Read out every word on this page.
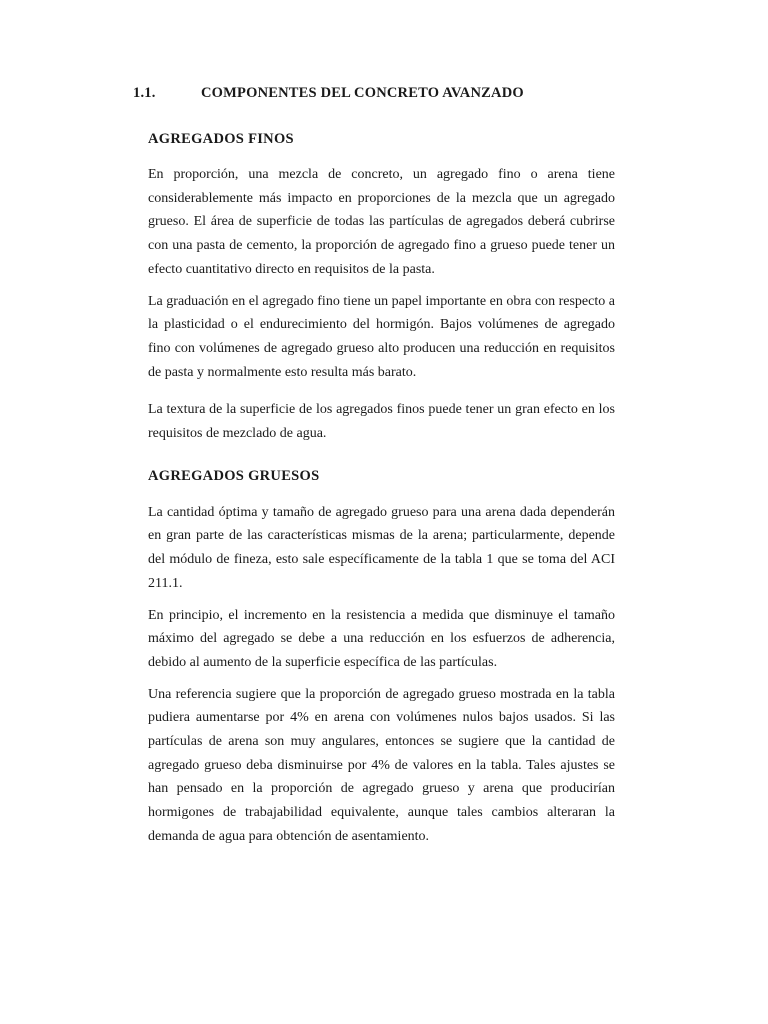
1.1.	COMPONENTES DEL CONCRETO AVANZADO
AGREGADOS FINOS

En proporción, una mezcla de concreto, un agregado fino o arena tiene considerablemente más impacto en proporciones de la mezcla que un agregado grueso. El área de superficie de todas las partículas de agregados deberá cubrirse con una pasta de cemento, la proporción de agregado fino a grueso puede tener un efecto cuantitativo directo en requisitos de la pasta.

La graduación en el agregado fino tiene un papel importante en obra con respecto a la plasticidad o el endurecimiento del hormigón. Bajos volúmenes de agregado fino con volúmenes de agregado grueso alto producen una reducción en requisitos de pasta y normalmente esto resulta más barato.

La textura de la superficie de los agregados finos puede tener un gran efecto en los requisitos de mezclado de agua.

AGREGADOS GRUESOS

La cantidad óptima y tamaño de agregado grueso para una arena dada dependerán en gran parte de las características mismas de la arena; particularmente, depende del módulo de fineza, esto sale específicamente de la tabla 1 que se toma del ACI 211.1.

En principio, el incremento en la resistencia a medida que disminuye el tamaño máximo del agregado se debe a una reducción en los esfuerzos de adherencia, debido al aumento de la superficie específica de las partículas.

Una referencia sugiere que la proporción de agregado grueso mostrada en la tabla pudiera aumentarse por 4% en arena con volúmenes nulos bajos usados. Si las partículas de arena son muy angulares, entonces se sugiere que la cantidad de agregado grueso deba disminuirse por 4% de valores en la tabla. Tales ajustes se han pensado en la proporción de agregado grueso y arena que producirían hormigones de trabajabilidad equivalente, aunque tales cambios alteraran la demanda de agua para obtención de asentamiento.
